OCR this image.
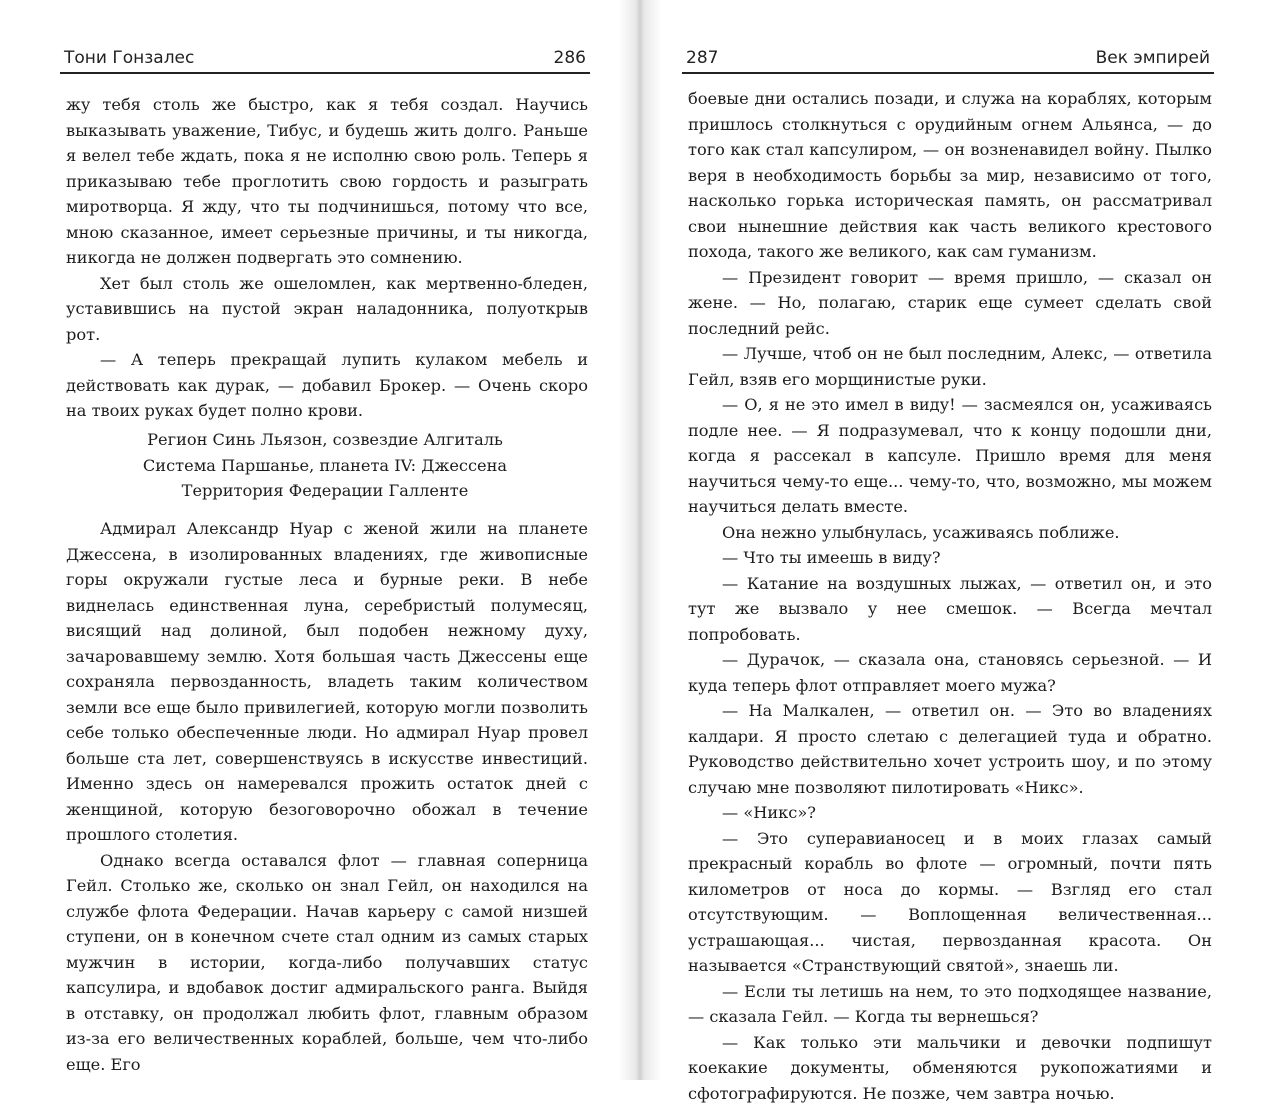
Тони Гонзалес	286

жу тебя столь же быстро, как я тебя создал. Научись выказывать уважение, Тибус, и будешь жить долго. Раньше я велел тебе ждать, пока я не исполню свою роль. Теперь я приказываю тебе проглотить свою гордость и разыграть миротворца. Я жду, что ты подчинишься, потому что все, мною сказанное, имеет серьезные причины, и ты никогда, никогда не должен подвергать это сомнению.

Хет был столь же ошеломлен, как мертвенно-бледен, уставившись на пустой экран наладонника, полуоткрыв рот.

— А теперь прекращай лупить кулаком мебель и действовать как дурак, — добавил Брокер. — Очень скоро на твоих руках будет полно крови.

Регион Синь Льязон, созвездие Алгиталь
Система Паршанье, планета IV: Джессена
Территория Федерации Галленте

Адмирал Александр Нуар с женой жили на планете Джессена, в изолированных владениях, где живописные горы окружали густые леса и бурные реки. В небе виднелась единственная луна, серебристый полумесяц, висящий над долиной, был подобен нежному духу, зачаровавшему землю. Хотя большая часть Джессены еще сохраняла первозданность, владеть таким количеством земли все еще было привилегией, которую могли позволить себе только обеспеченные люди. Но адмирал Нуар провел больше ста лет, совершенствуясь в искусстве инвестиций. Именно здесь он намеревался прожить остаток дней с женщиной, которую безоговорочно обожал в течение прошлого столетия.

Однако всегда оставался флот — главная соперница Гейл. Столько же, сколько он знал Гейл, он находился на службе флота Федерации. Начав карьеру с самой низшей ступени, он в конечном счете стал одним из самых старых мужчин в истории, когда-либо получавших статус капсулира, и вдобавок достиг адмиральского ранга. Выйдя в отставку, он продолжал любить флот, главным образом из-за его величественных кораблей, больше, чем что-либо еще. Его

287	Век эмпирей

боевые дни остались позади, и служа на кораблях, которым пришлось столкнуться с орудийным огнем Альянса, — до того как стал капсулиром, — он возненавидел войну. Пылко веря в необходимость борьбы за мир, независимо от того, насколько горька историческая память, он рассматривал свои нынешние действия как часть великого крестового похода, такого же великого, как сам гуманизм.

— Президент говорит — время пришло, — сказал он жене. — Но, полагаю, старик еще сумеет сделать свой последний рейс.

— Лучше, чтоб он не был последним, Алекс, — ответила Гейл, взяв его морщинистые руки.

— О, я не это имел в виду! — засмеялся он, усаживаясь подле нее. — Я подразумевал, что к концу подошли дни, когда я рассекал в капсуле. Пришло время для меня научиться чему-то еще... чему-то, что, возможно, мы можем научиться делать вместе.

Она нежно улыбнулась, усаживаясь поближе.

— Что ты имеешь в виду?

— Катание на воздушных лыжах, — ответил он, и это тут же вызвало у нее смешок. — Всегда мечтал попробовать.

— Дурачок, — сказала она, становясь серьезной. — И куда теперь флот отправляет моего мужа?

— На Малкален, — ответил он. — Это во владениях калдари. Я просто слетаю с делегацией туда и обратно. Руководство действительно хочет устроить шоу, и по этому случаю мне позволяют пилотировать «Никс».

— «Никс»?

— Это суперавианосец и в моих глазах самый прекрасный корабль во флоте — огромный, почти пять километров от носа до кормы. — Взгляд его стал отсутствующим. — Воплощенная величественная... устрашающая... чистая, первозданная красота. Он называется «Странствующий святой», знаешь ли.

— Если ты летишь на нем, то это подходящее название, — сказала Гейл. — Когда ты вернешься?

— Как только эти мальчики и девочки подпишут коекакие документы, обменяются рукопожатиями и сфотографируются. Не позже, чем завтра ночью.
